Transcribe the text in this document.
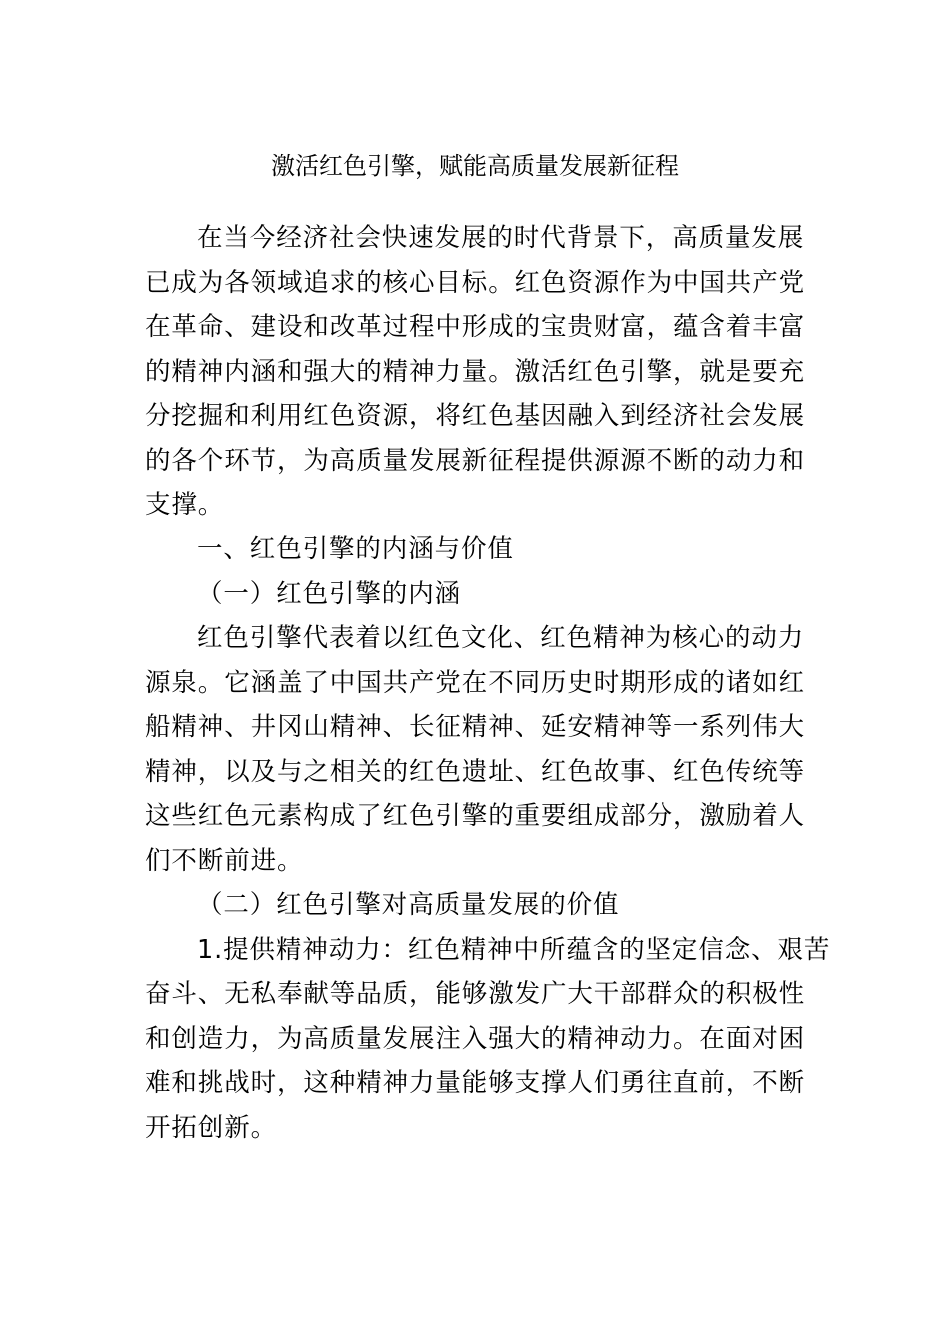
激活红色引擎，赋能高质量发展新征程
在当今经济社会快速发展的时代背景下，高质量发展
已成为各领域追求的核心目标。红色资源作为中国共产党
在革命、建设和改革过程中形成的宝贵财富，蕴含着丰富
的精神内涵和强大的精神力量。激活红色引擎，就是要充
分挖掘和利用红色资源，将红色基因融入到经济社会发展
的各个环节，为高质量发展新征程提供源源不断的动力和
支撑。
一、红色引擎的内涵与价值
（一）红色引擎的内涵
红色引擎代表着以红色文化、红色精神为核心的动力
源泉。它涵盖了中国共产党在不同历史时期形成的诸如红
船精神、井冈山精神、长征精神、延安精神等一系列伟大
精神，以及与之相关的红色遗址、红色故事、红色传统等
这些红色元素构成了红色引擎的重要组成部分，激励着人
们不断前进。
（二）红色引擎对高质量发展的价值
1.提供精神动力：红色精神中所蕴含的坚定信念、艰苦
奋斗、无私奉献等品质，能够激发广大干部群众的积极性
和创造力，为高质量发展注入强大的精神动力。在面对困
难和挑战时，这种精神力量能够支撑人们勇往直前，不断
开拓创新。
